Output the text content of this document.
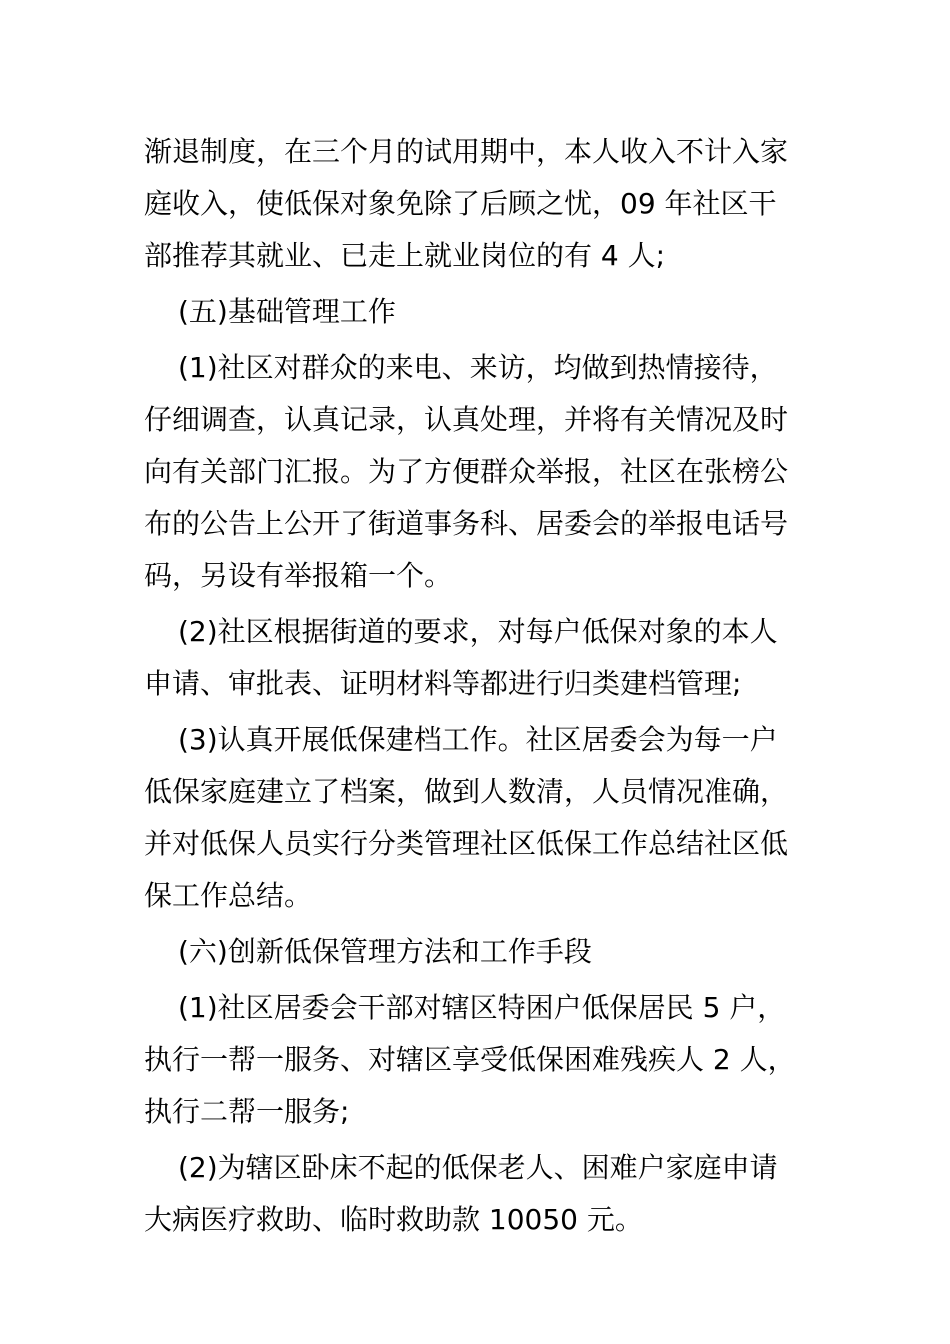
渐退制度，在三个月的试用期中，本人收入不计入家
庭收入，使低保对象免除了后顾之忧，09 年社区干
部推荐其就业、已走上就业岗位的有 4 人;
(五)基础管理工作
(1)社区对群众的来电、来访，均做到热情接待，
仔细调查，认真记录，认真处理，并将有关情况及时
向有关部门汇报。为了方便群众举报，社区在张榜公
布的公告上公开了街道事务科、居委会的举报电话号
码，另设有举报箱一个。
(2)社区根据街道的要求，对每户低保对象的本人
申请、审批表、证明材料等都进行归类建档管理;
(3)认真开展低保建档工作。社区居委会为每一户
低保家庭建立了档案，做到人数清，人员情况准确，
并对低保人员实行分类管理社区低保工作总结社区低
保工作总结。
(六)创新低保管理方法和工作手段
(1)社区居委会干部对辖区特困户低保居民 5 户，
执行一帮一服务、对辖区享受低保困难残疾人 2 人，
执行二帮一服务;
(2)为辖区卧床不起的低保老人、困难户家庭申请
大病医疗救助、临时救助款 10050 元。
